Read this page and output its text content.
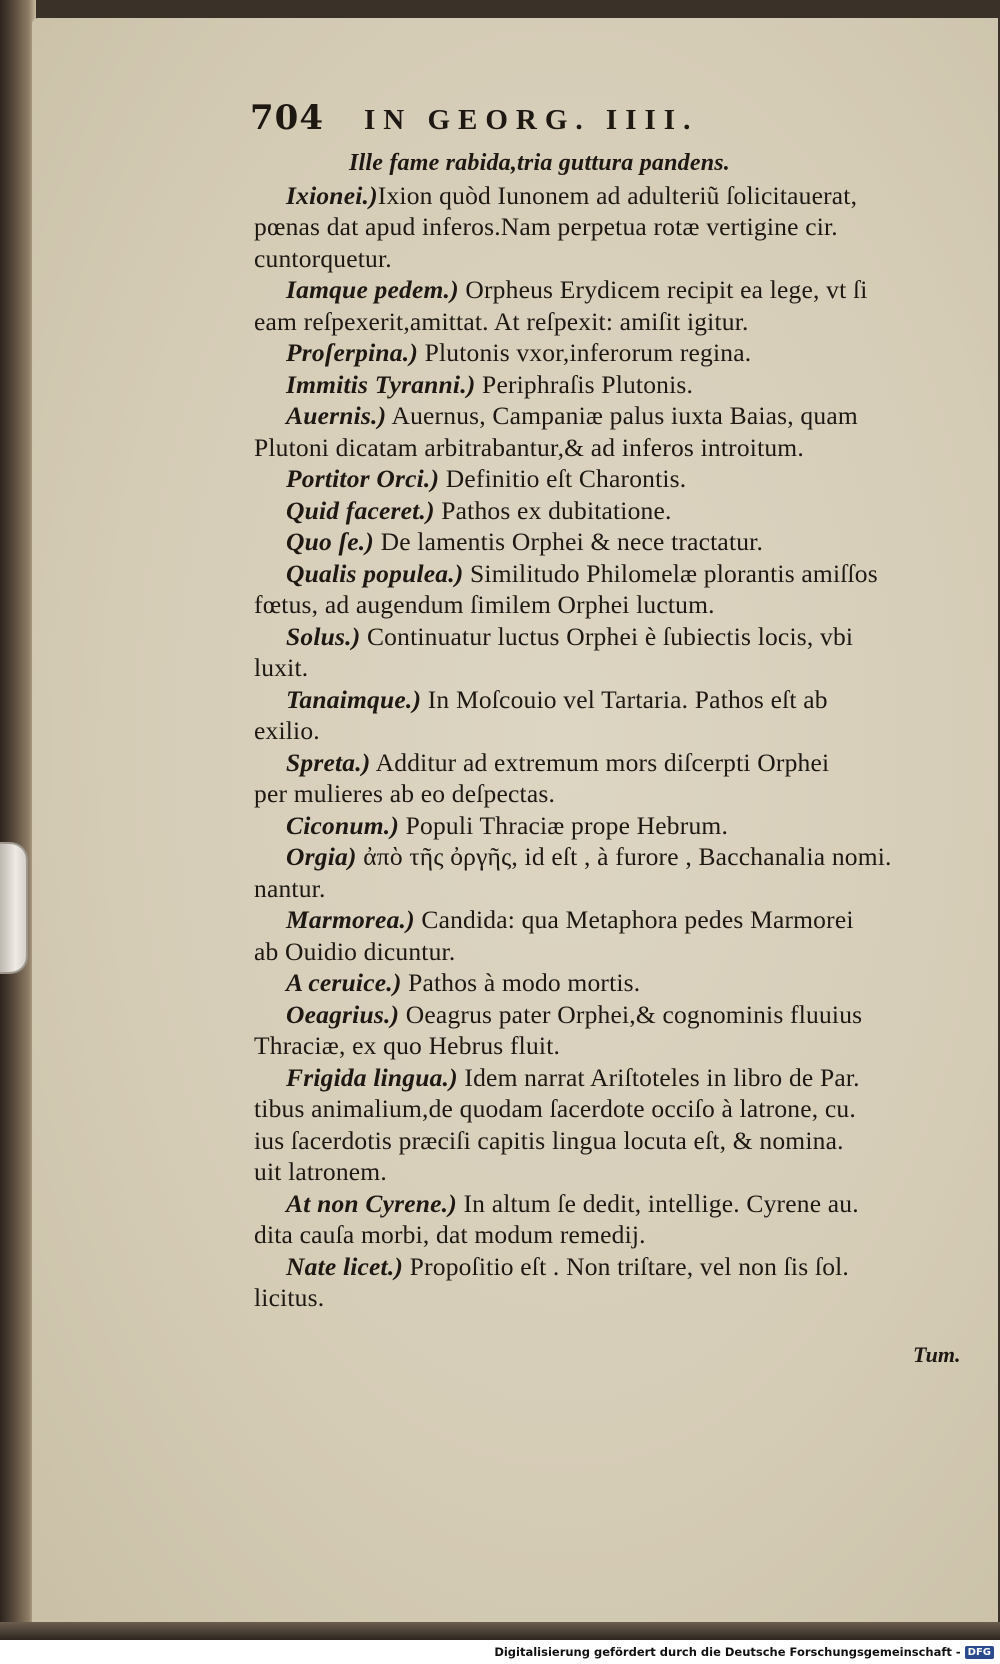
704 IN GEORG. IIII.
Ille fame rabida,tria guttura pandens.
Ixionei.)Ixion quòd Iunonem ad adulteriũ ſolicitauerat,
pœnas dat apud inferos.Nam perpetua rotæ vertigine cir.
cuntorquetur.
Iamque pedem.) Orpheus Erydicem recipit ea lege, vt ſi
eam reſpexerit,amittat. At reſpexit: amiſit igitur.
Proſerpina.) Plutonis vxor,inferorum regina.
Immitis Tyranni.) Periphraſis Plutonis.
Auernis.) Auernus, Campaniæ palus iuxta Baias, quam
Plutoni dicatam arbitrabantur,& ad inferos introitum.
Portitor Orci.) Definitio eſt Charontis.
Quid faceret.) Pathos ex dubitatione.
Quo ſe.) De lamentis Orphei & nece tractatur.
Qualis populea.) Similitudo Philomelæ plorantis amiſſos
fœtus, ad augendum ſimilem Orphei luctum.
Solus.) Continuatur luctus Orphei è ſubiectis locis, vbi
luxit.
Tanaimque.) In Moſcouio vel Tartaria. Pathos eſt ab
exilio.
Spreta.) Additur ad extremum mors diſcerpti Orphei
per mulieres ab eo deſpectas.
Ciconum.) Populi Thraciæ prope Hebrum.
Orgia) ἀπὸ τῆς ὀργῆς, id eſt , à furore , Bacchanalia nomi.
nantur.
Marmorea.) Candida: qua Metaphora pedes Marmorei
ab Ouidio dicuntur.
A ceruice.) Pathos à modo mortis.
Oeagrius.) Oeagrus pater Orphei,& cognominis fluuius
Thraciæ, ex quo Hebrus fluit.
Frigida lingua.) Idem narrat Ariſtoteles in libro de Par.
tibus animalium,de quodam ſacerdote occiſo à latrone, cu.
ius ſacerdotis præciſi capitis lingua locuta eſt, & nomina.
uit latronem.
At non Cyrene.) In altum ſe dedit, intellige. Cyrene au.
dita cauſa morbi, dat modum remedij.
Nate licet.) Propoſitio eſt . Non triſtare, vel non ſis ſol.
licitus.
Tum.
Digitalisierung gefördert durch die Deutsche Forschungsgemeinschaft - DFG
